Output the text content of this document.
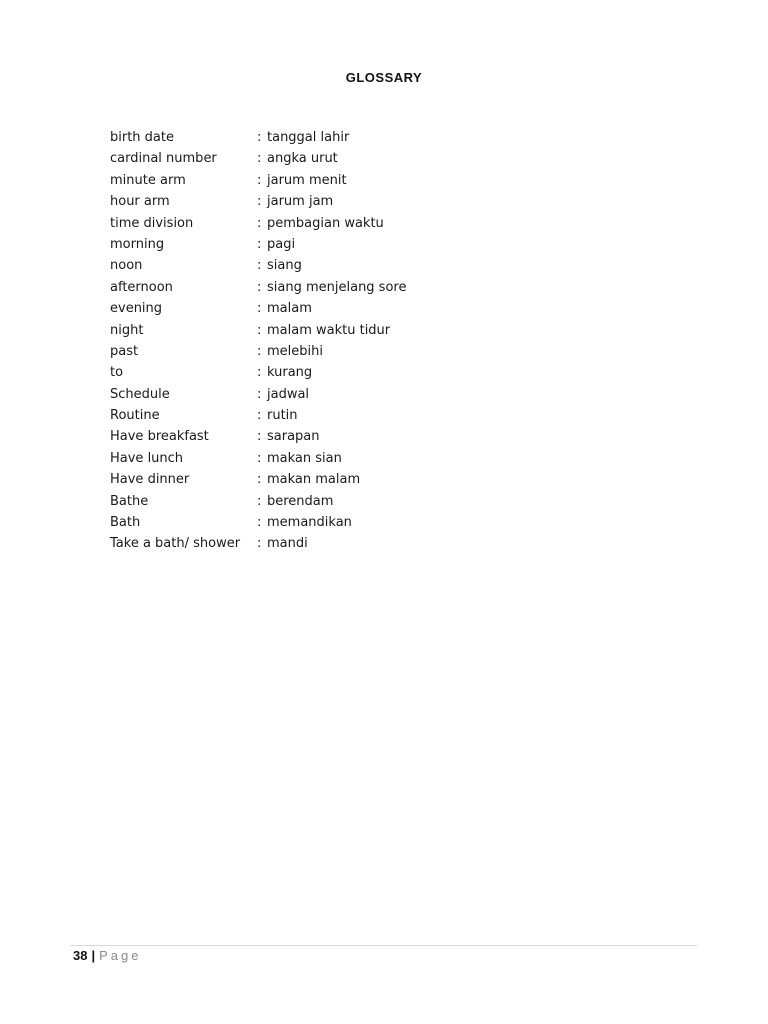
GLOSSARY
birth date	: tanggal lahir
cardinal number	: angka urut
minute arm	: jarum menit
hour arm	: jarum jam
time division	: pembagian waktu
morning	: pagi
noon	: siang
afternoon	: siang menjelang sore
evening	: malam
night	: malam waktu tidur
past	: melebihi
to	: kurang
Schedule	: jadwal
Routine	: rutin
Have breakfast	: sarapan
Have lunch	: makan sian
Have dinner	: makan malam
Bathe	: berendam
Bath	: memandikan
Take a bath/ shower	: mandi
38 | Page
